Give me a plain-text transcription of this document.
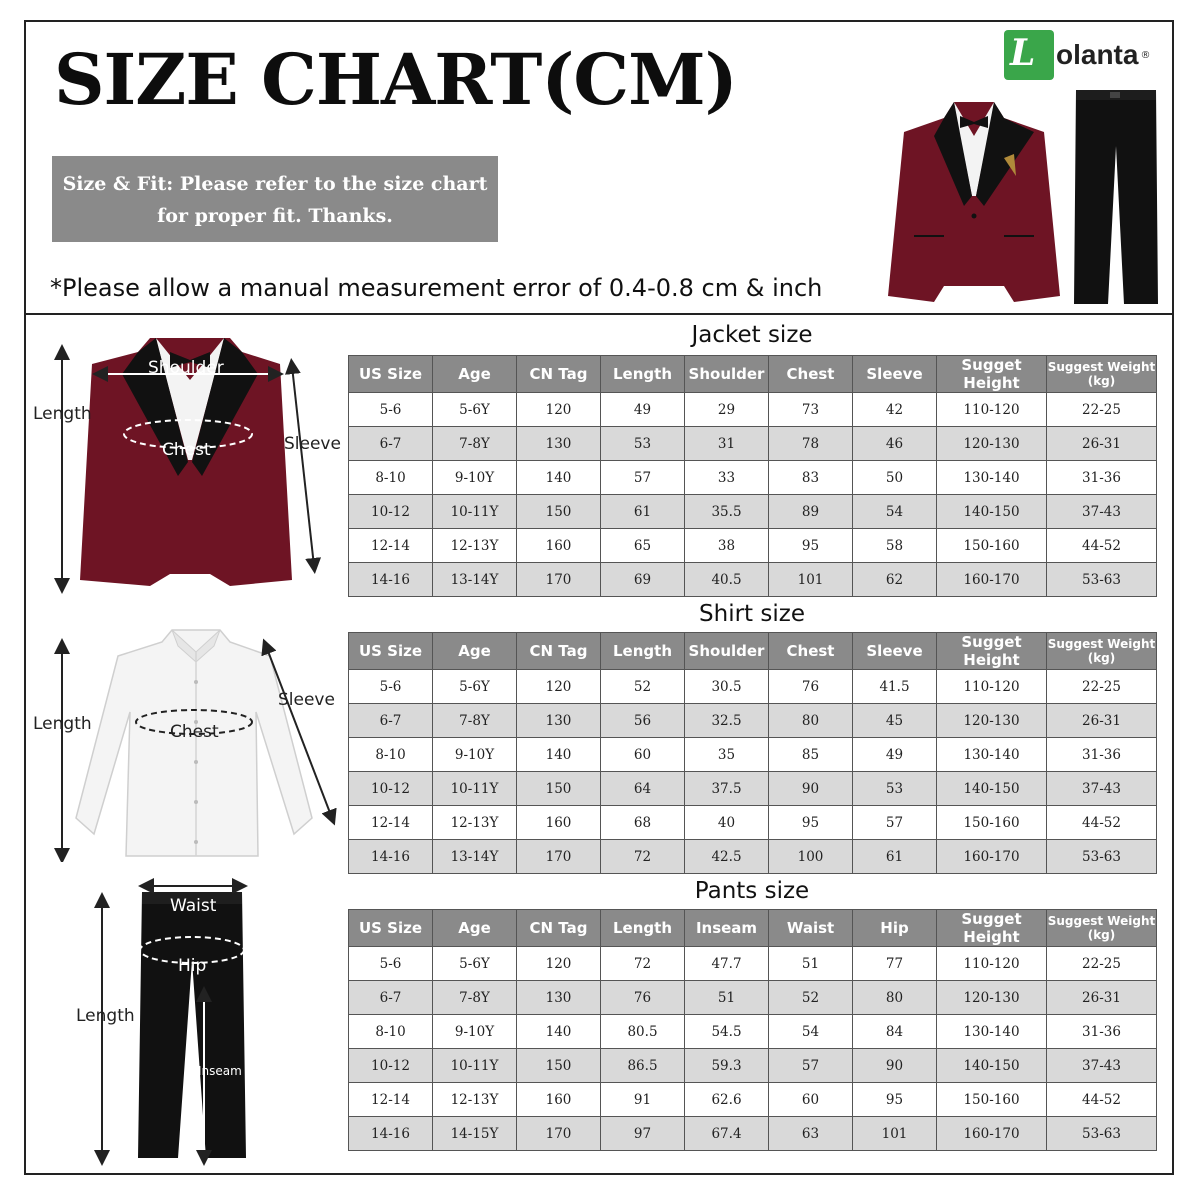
SIZE CHART(CM)
Size & Fit: Please refer to the size chart
for proper fit. Thanks.
*Please allow a manual measurement error of 0.4-0.8 cm & inch
L olanta ®
Length
Shoulder
Chest	Sleeve
Length	Chest
Sleeve
Waist
Hip
Length
Inseam
Jacket size
US Size	Age	CN Tag	Length	Shoulder	Chest	Sleeve	Sugget Height	Suggest Weight (kg)
5-6	5-6Y	120	49	29	73	42	110-120	22-25
6-7	7-8Y	130	53	31	78	46	120-130	26-31
8-10	9-10Y	140	57	33	83	50	130-140	31-36
10-12	10-11Y	150	61	35.5	89	54	140-150	37-43
12-14	12-13Y	160	65	38	95	58	150-160	44-52
14-16	13-14Y	170	69	40.5	101	62	160-170	53-63
Shirt size
US Size	Age	CN Tag	Length	Shoulder	Chest	Sleeve	Sugget Height	Suggest Weight (kg)
5-6	5-6Y	120	52	30.5	76	41.5	110-120	22-25
6-7	7-8Y	130	56	32.5	80	45	120-130	26-31
8-10	9-10Y	140	60	35	85	49	130-140	31-36
10-12	10-11Y	150	64	37.5	90	53	140-150	37-43
12-14	12-13Y	160	68	40	95	57	150-160	44-52
14-16	13-14Y	170	72	42.5	100	61	160-170	53-63
Pants size
US Size	Age	CN Tag	Length	Inseam	Waist	Hip	Sugget Height	Suggest Weight (kg)
5-6	5-6Y	120	72	47.7	51	77	110-120	22-25
6-7	7-8Y	130	76	51	52	80	120-130	26-31
8-10	9-10Y	140	80.5	54.5	54	84	130-140	31-36
10-12	10-11Y	150	86.5	59.3	57	90	140-150	37-43
12-14	12-13Y	160	91	62.6	60	95	150-160	44-52
14-16	14-15Y	170	97	67.4	63	101	160-170	53-63
